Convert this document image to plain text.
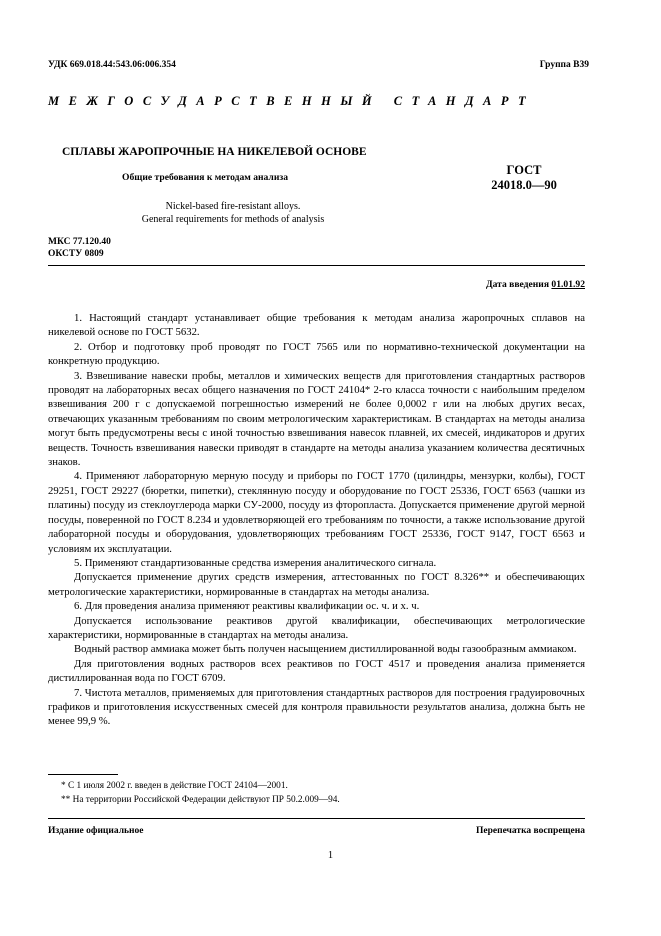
УДК 669.018.44:543.06:006.354	Группа В39
МЕЖГОСУДАРСТВЕННЫЙ СТАНДАРТ
СПЛАВЫ ЖАРОПРОЧНЫЕ НА НИКЕЛЕВОЙ ОСНОВЕ
Общие требования к методам анализа
ГОСТ
24018.0—90
Nickel-based fire-resistant alloys.
General requirements for methods of analysis
МКС 77.120.40
ОКСТУ 0809
Дата введения 01.01.92

1. Настоящий стандарт устанавливает общие требования к методам анализа жаропрочных сплавов на никелевой основе по ГОСТ 5632.

2. Отбор и подготовку проб проводят по ГОСТ 7565 или по нормативно-технической документации на конкретную продукцию.

3. Взвешивание навески пробы, металлов и химических веществ для приготовления стандартных растворов проводят на лабораторных весах общего назначения по ГОСТ 24104* 2-го класса точности с наибольшим пределом взвешивания 200 г с допускаемой погрешностью измерений не более 0,0002 г или на любых других весах, отвечающих указанным требованиям по своим метрологическим характеристикам. В стандартах на методы анализа могут быть предусмотрены весы с иной точностью взвешивания навесок плавней, их смесей, индикаторов и других веществ. Точность взвешивания навески приводят в стандарте на методы анализа указанием количества десятичных знаков.

4. Применяют лабораторную мерную посуду и приборы по ГОСТ 1770 (цилиндры, мензурки, колбы), ГОСТ 29251, ГОСТ 29227 (бюретки, пипетки), стеклянную посуду и оборудование по ГОСТ 25336, ГОСТ 6563 (чашки из платины) посуду из стеклоуглерода марки СУ-2000, посуду из фторопласта. Допускается применение другой мерной посуды, поверенной по ГОСТ 8.234 и удовлетворяющей его требованиям по точности, а также использование другой лабораторной посуды и оборудования, удовлетворяющих требованиям ГОСТ 25336, ГОСТ 9147, ГОСТ 6563 и условиям их эксплуатации.

5. Применяют стандартизованные средства измерения аналитического сигнала.

Допускается применение других средств измерения, аттестованных по ГОСТ 8.326** и обеспечивающих метрологические характеристики, нормированные в стандартах на методы анализа.

6. Для проведения анализа применяют реактивы квалификации ос. ч. и х. ч.

Допускается использование реактивов другой квалификации, обеспечивающих метрологические характеристики, нормированные в стандартах на методы анализа.

Водный раствор аммиака может быть получен насыщением дистиллированной воды газообразным аммиаком.

Для приготовления водных растворов всех реактивов по ГОСТ 4517 и проведения анализа применяется дистиллированная вода по ГОСТ 6709.

7. Чистота металлов, применяемых для приготовления стандартных растворов для построения градуировочных графиков и приготовления искусственных смесей для контроля правильности результатов анализа, должна быть не менее 99,9 %.

* С 1 июля 2002 г. введен в действие ГОСТ 24104—2001.
** На территории Российской Федерации действуют ПР 50.2.009—94.
Издание официальное	Перепечатка воспрещена
1
